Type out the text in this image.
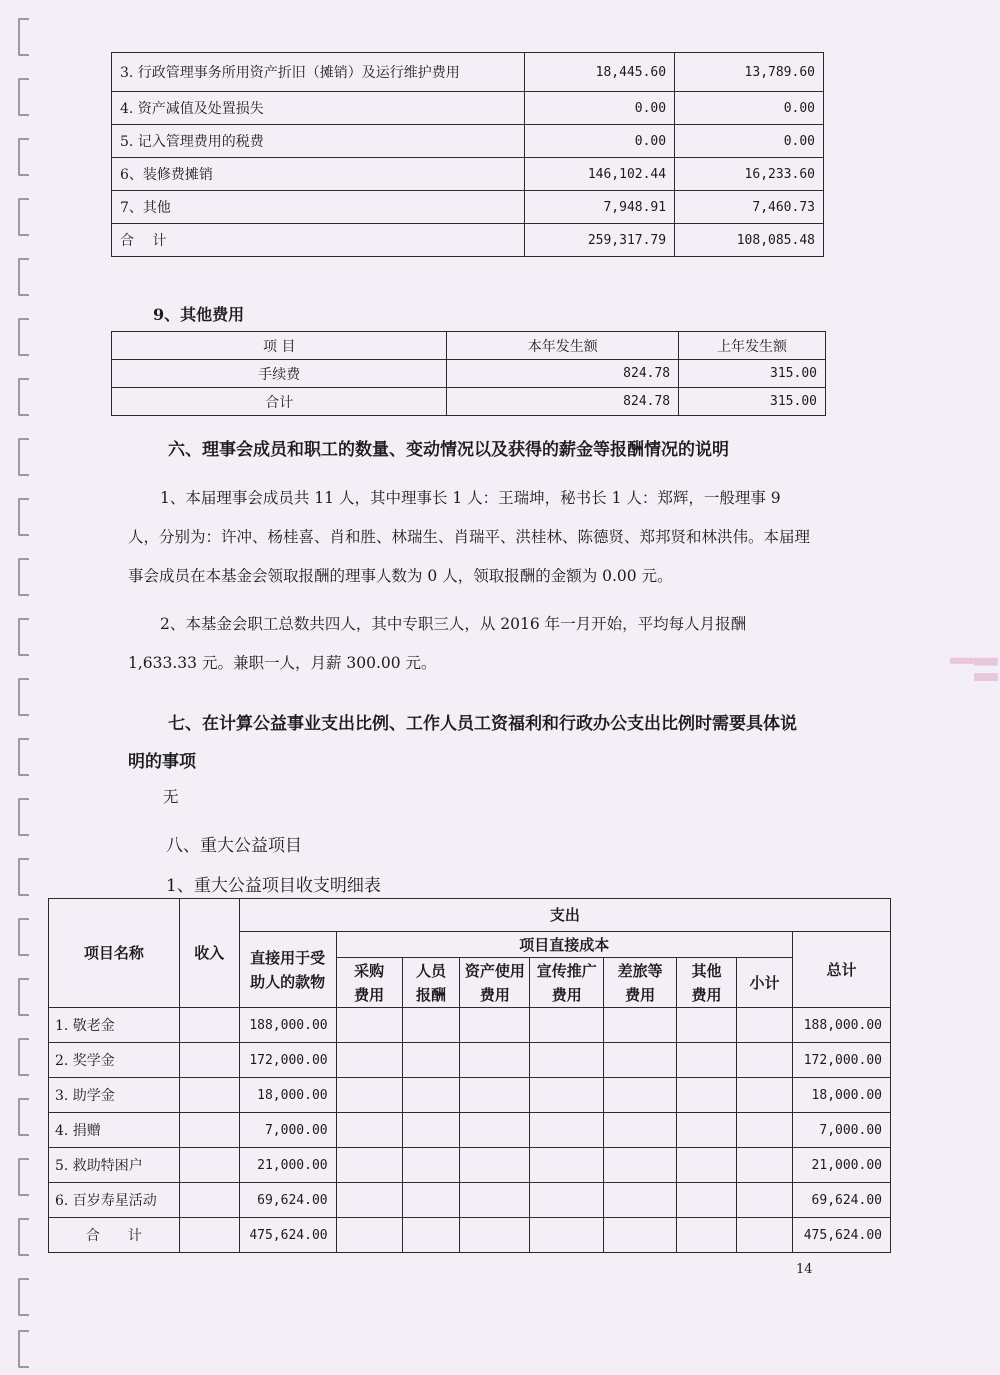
3. 行政管理事务所用资产折旧（摊销）及运行维护费用	18,445.60	13,789.60
4. 资产减值及处置损失	0.00	0.00
5. 记入管理费用的税费	0.00	0.00
6、装修费摊销	146,102.44	16,233.60
7、其他	7,948.91	7,460.73
合　 计	259,317.79	108,085.48
9、其他费用
项 目	本年发生额	上年发生额
手续费	824.78	315.00
合计	824.78	315.00
六、理事会成员和职工的数量、变动情况以及获得的薪金等报酬情况的说明

1、本届理事会成员共 11 人，其中理事长 1 人：王瑞坤，秘书长 1 人：郑辉，一般理事 9 人，分别为：许冲、杨桂喜、肖和胜、林瑞生、肖瑞平、洪桂林、陈德贤、郑邦贤和林洪伟。本届理事会成员在本基金会领取报酬的理事人数为 0 人，领取报酬的金额为 0.00 元。

2、本基金会职工总数共四人，其中专职三人，从 2016 年一月开始，平均每人月报酬 1,633.33 元。兼职一人，月薪 300.00 元。

七、在计算公益事业支出比例、工作人员工资福利和行政办公支出比例时需要具体说明的事项

无

八、重大公益项目

1、重大公益项目收支明细表

项目名称	收入	支出								
		直接用于受助人的款物	项目直接成本							总计
			采购费用	人员报酬	资产使用费用	宣传推广费用	差旅等费用	其他费用	小计	
1. 敬老金		188,000.00								188,000.00
2. 奖学金		172,000.00								172,000.00
3. 助学金		18,000.00								18,000.00
4. 捐赠		7,000.00								7,000.00
5. 救助特困户		21,000.00								21,000.00
6. 百岁寿星活动		69,624.00								69,624.00
合　　计		475,624.00								475,624.00
14
▌▌ ▍
